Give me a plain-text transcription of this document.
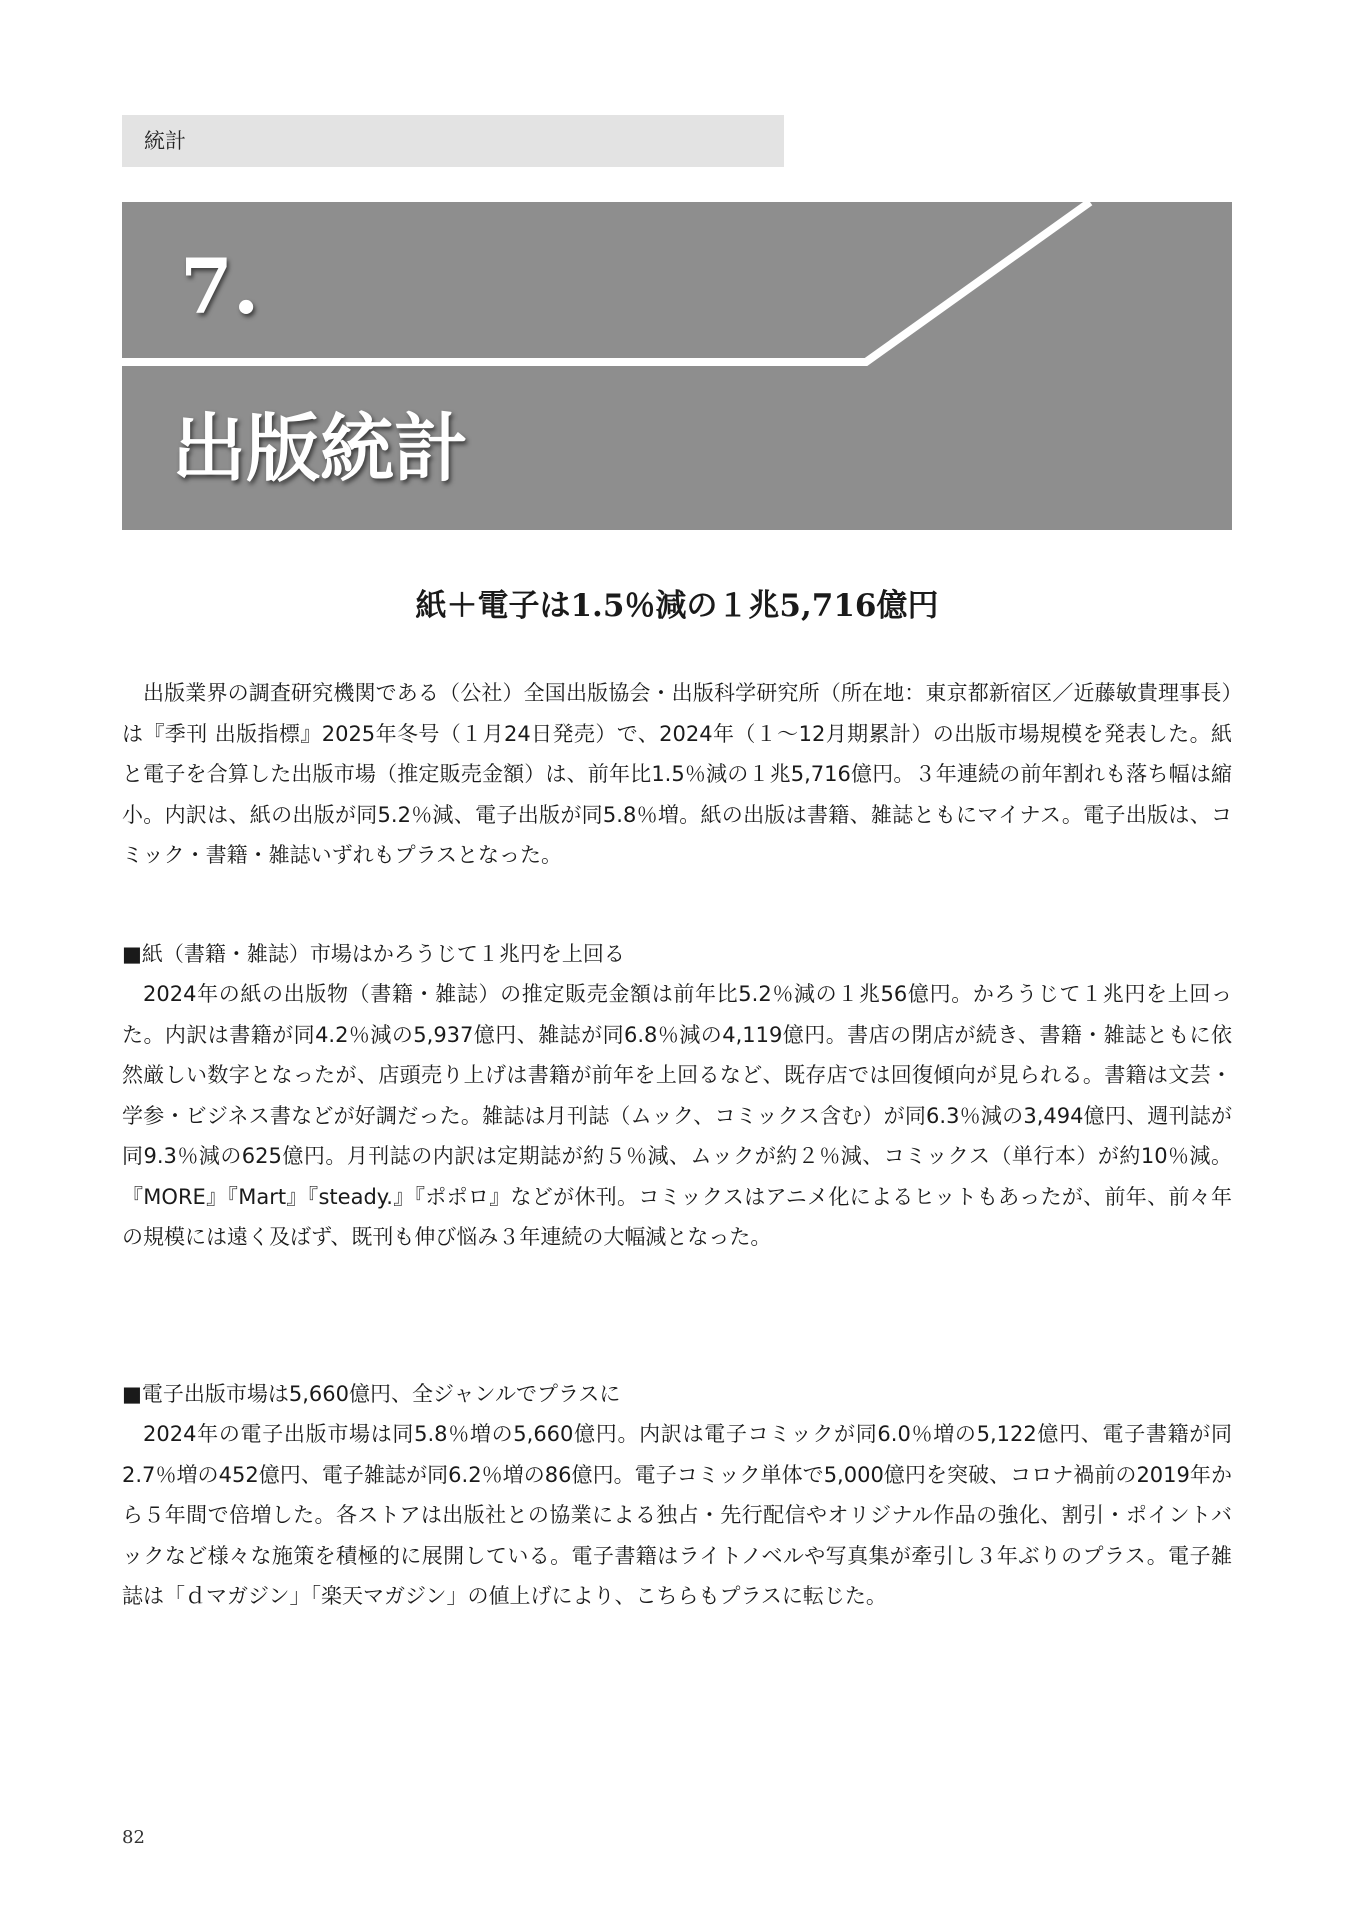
統計
7.
出版統計
紙＋電子は1.5％減の１兆5,716億円

出版業界の調査研究機関である（公社）全国出版協会・出版科学研究所（所在地：東京都新宿区／近藤敏貴理事長）は『季刊 出版指標』2025年冬号（１月24日発売）で、2024年（１～12月期累計）の出版市場規模を発表した。紙と電子を合算した出版市場（推定販売金額）は、前年比1.5％減の１兆5,716億円。３年連続の前年割れも落ち幅は縮小。内訳は、紙の出版が同5.2％減、電子出版が同5.8％増。紙の出版は書籍、雑誌ともにマイナス。電子出版は、コミック・書籍・雑誌いずれもプラスとなった。

■紙（書籍・雑誌）市場はかろうじて１兆円を上回る

2024年の紙の出版物（書籍・雑誌）の推定販売金額は前年比5.2％減の１兆56億円。かろうじて１兆円を上回った。内訳は書籍が同4.2％減の5,937億円、雑誌が同6.8％減の4,119億円。書店の閉店が続き、書籍・雑誌ともに依然厳しい数字となったが、店頭売り上げは書籍が前年を上回るなど、既存店では回復傾向が見られる。書籍は文芸・学参・ビジネス書などが好調だった。雑誌は月刊誌（ムック、コミックス含む）が同6.3％減の3,494億円、週刊誌が同9.3％減の625億円。月刊誌の内訳は定期誌が約５％減、ムックが約２％減、コミックス（単行本）が約10％減。『MORE』『Mart』『steady.』『ポポロ』などが休刊。コミックスはアニメ化によるヒットもあったが、前年、前々年の規模には遠く及ばず、既刊も伸び悩み３年連続の大幅減となった。

■電子出版市場は5,660億円、全ジャンルでプラスに

2024年の電子出版市場は同5.8％増の5,660億円。内訳は電子コミックが同6.0％増の5,122億円、電子書籍が同2.7％増の452億円、電子雑誌が同6.2％増の86億円。電子コミック単体で5,000億円を突破、コロナ禍前の2019年から５年間で倍増した。各ストアは出版社との協業による独占・先行配信やオリジナル作品の強化、割引・ポイントバックなど様々な施策を積極的に展開している。電子書籍はライトノベルや写真集が牽引し３年ぶりのプラス。電子雑誌は「ｄマガジン」「楽天マガジン」の値上げにより、こちらもプラスに転じた。

82
